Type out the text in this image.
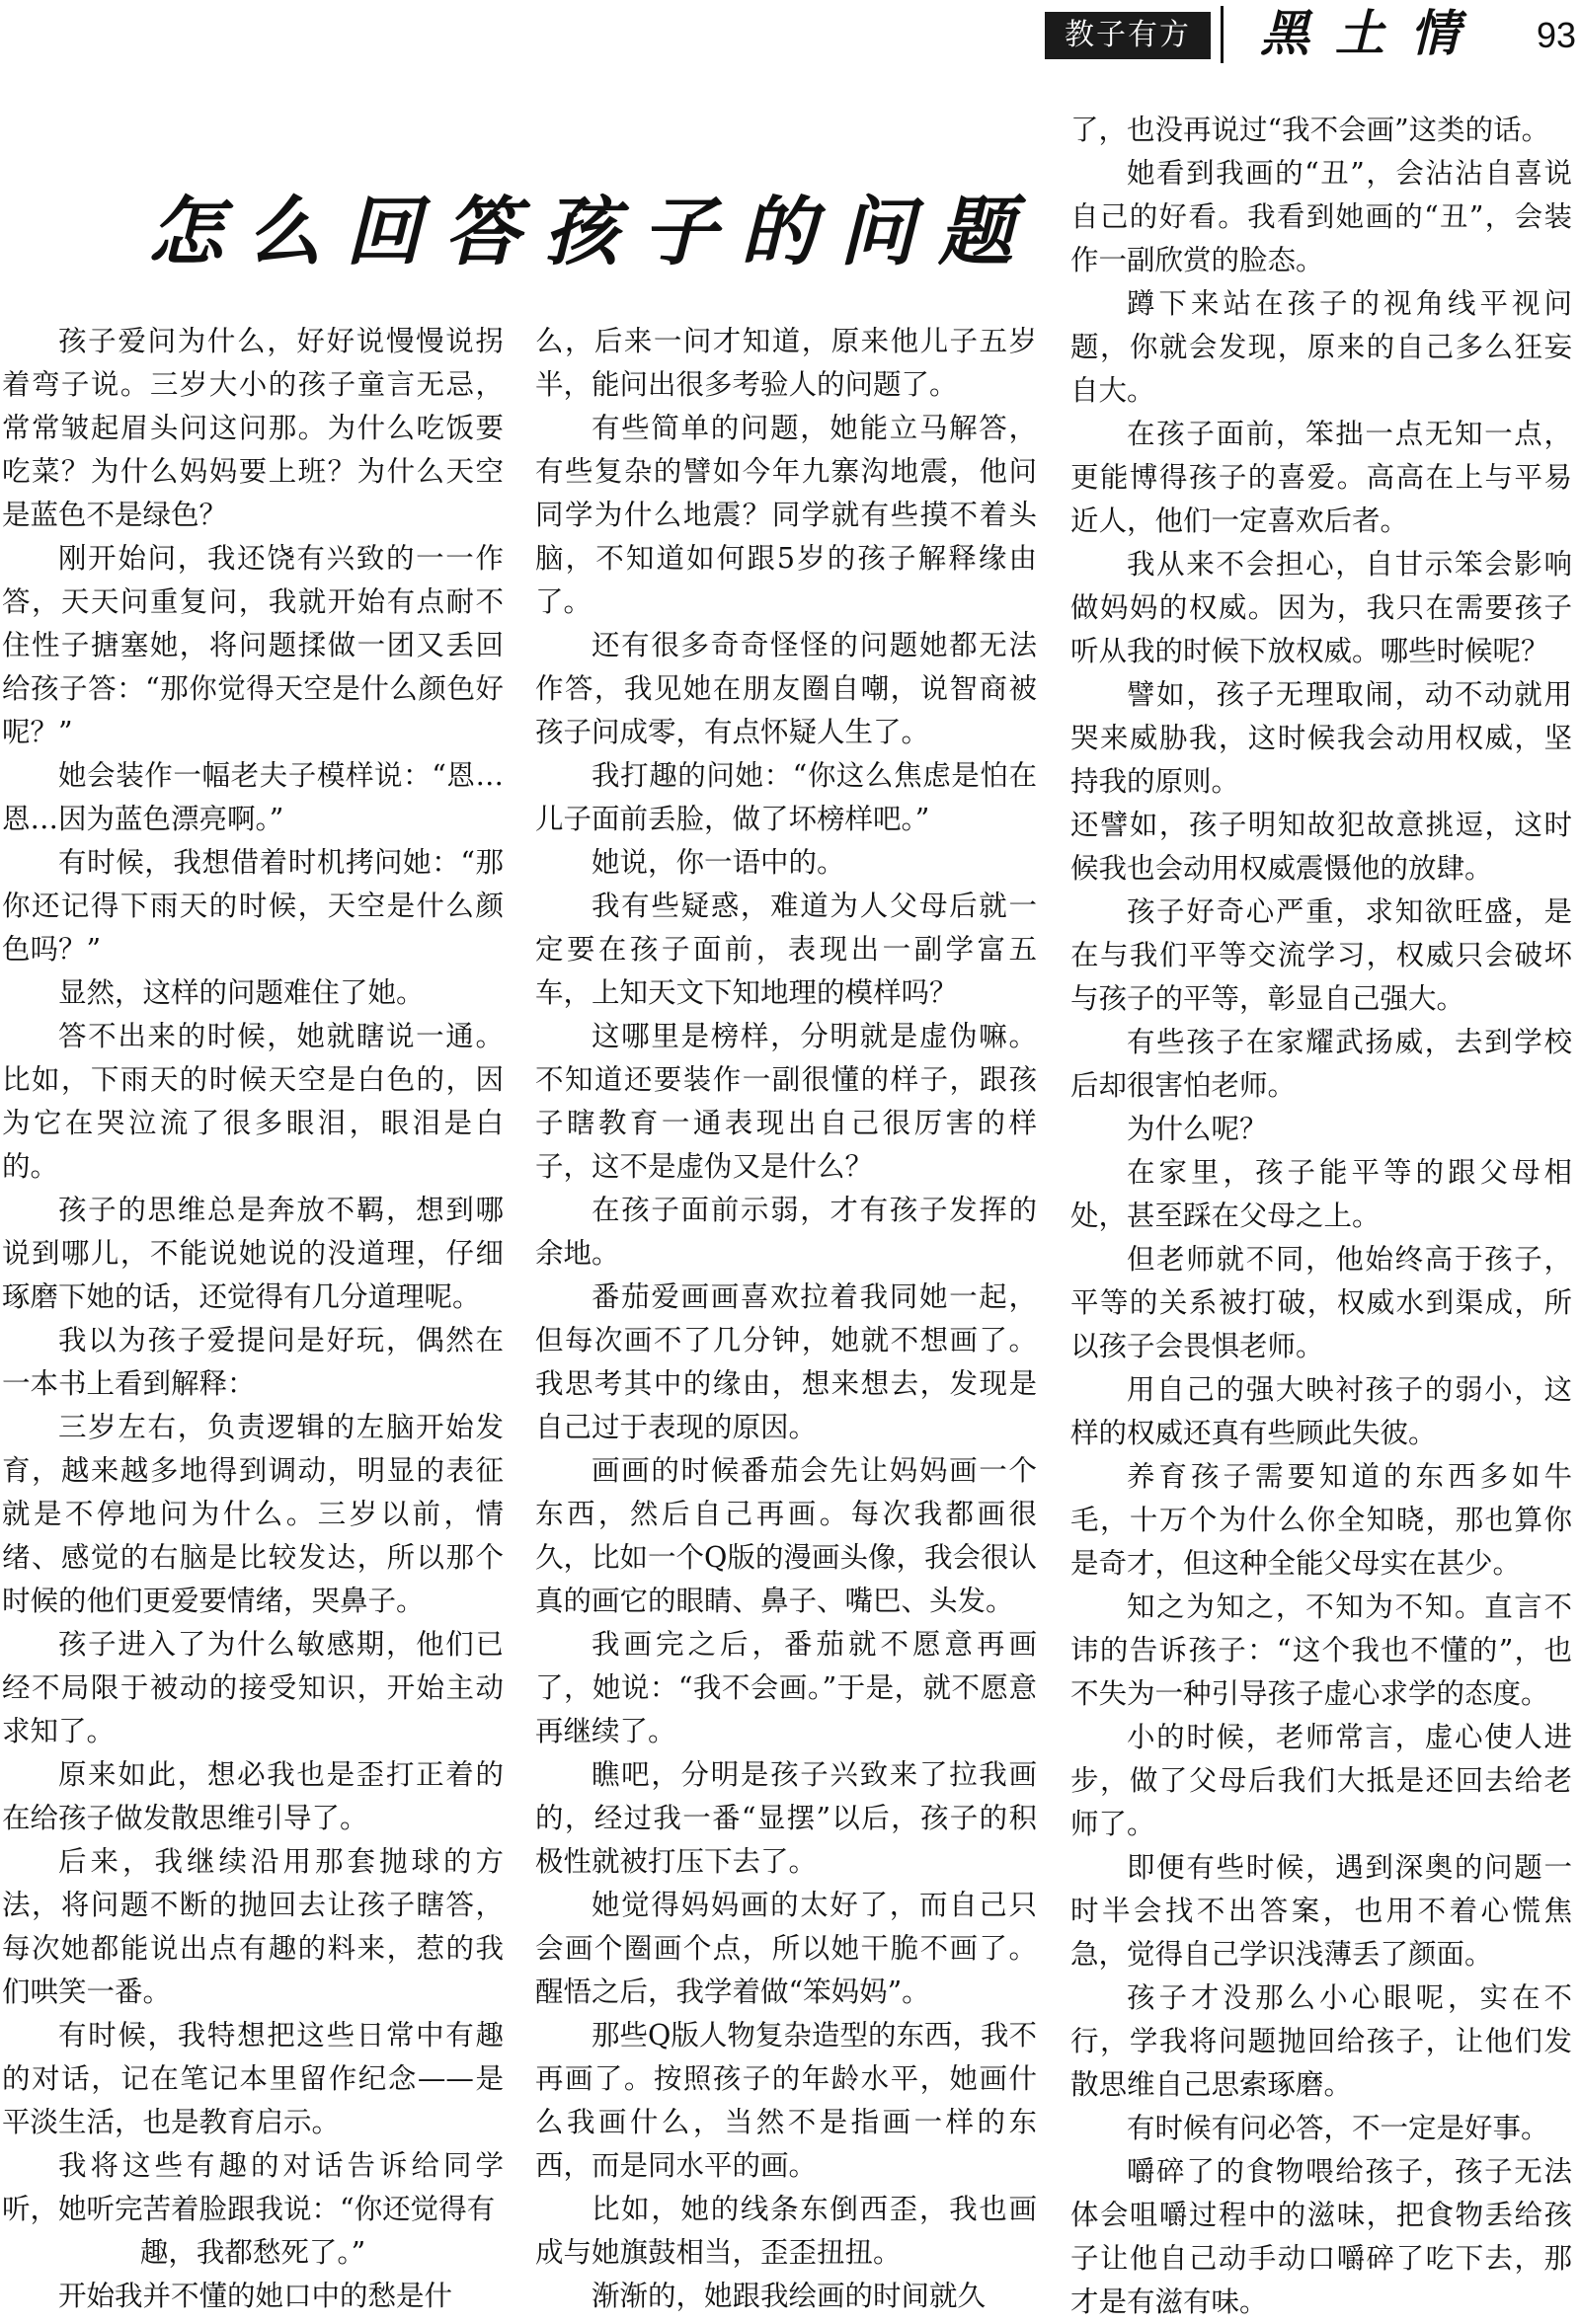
教子有方	黑土情 93
怎么回答孩子的问题

孩子爱问为什么，好好说慢慢说拐着弯子说。三岁大小的孩子童言无忌，常常皱起眉头问这问那。为什么吃饭要吃菜？为什么妈妈要上班？为什么天空是蓝色不是绿色？

刚开始问，我还饶有兴致的一一作答，天天问重复问，我就开始有点耐不住性子搪塞她，将问题揉做一团又丢回给孩子答：“那你觉得天空是什么颜色好呢？”

她会装作一幅老夫子模样说：“恩…恩…因为蓝色漂亮啊。”

有时候，我想借着时机拷问她：“那你还记得下雨天的时候，天空是什么颜色吗？”

显然，这样的问题难住了她。

答不出来的时候，她就瞎说一通。比如，下雨天的时候天空是白色的，因为它在哭泣流了很多眼泪，眼泪是白的。

孩子的思维总是奔放不羁，想到哪说到哪儿，不能说她说的没道理，仔细琢磨下她的话，还觉得有几分道理呢。

我以为孩子爱提问是好玩，偶然在一本书上看到解释：

三岁左右，负责逻辑的左脑开始发育，越来越多地得到调动，明显的表征就是不停地问为什么。三岁以前，情绪、感觉的右脑是比较发达，所以那个时候的他们更爱要情绪，哭鼻子。

孩子进入了为什么敏感期，他们已经不局限于被动的接受知识，开始主动求知了。

原来如此，想必我也是歪打正着的在给孩子做发散思维引导了。

后来，我继续沿用那套抛球的方法，将问题不断的抛回去让孩子瞎答，每次她都能说出点有趣的料来，惹的我们哄笑一番。

有时候，我特想把这些日常中有趣的对话，记在笔记本里留作纪念——是平淡生活，也是教育启示。

我将这些有趣的对话告诉给同学听，她听完苦着脸跟我说：“你还觉得有

趣，我都愁死了。”

开始我并不懂的她口中的愁是什

么，后来一问才知道，原来他儿子五岁半，能问出很多考验人的问题了。

有些简单的问题，她能立马解答，有些复杂的譬如今年九寨沟地震，他问同学为什么地震？同学就有些摸不着头脑，不知道如何跟5岁的孩子解释缘由了。

还有很多奇奇怪怪的问题她都无法作答，我见她在朋友圈自嘲，说智商被孩子问成零，有点怀疑人生了。

我打趣的问她：“你这么焦虑是怕在儿子面前丢脸，做了坏榜样吧。”

她说，你一语中的。

我有些疑惑，难道为人父母后就一定要在孩子面前，表现出一副学富五车，上知天文下知地理的模样吗？

这哪里是榜样，分明就是虚伪嘛。不知道还要装作一副很懂的样子，跟孩子瞎教育一通表现出自己很厉害的样子，这不是虚伪又是什么？

在孩子面前示弱，才有孩子发挥的余地。

番茄爱画画喜欢拉着我同她一起，但每次画不了几分钟，她就不想画了。我思考其中的缘由，想来想去，发现是自己过于表现的原因。

画画的时候番茄会先让妈妈画一个东西，然后自己再画。每次我都画很久，比如一个Q版的漫画头像，我会很认真的画它的眼睛、鼻子、嘴巴、头发。

我画完之后，番茄就不愿意再画了，她说：“我不会画。”于是，就不愿意再继续了。

瞧吧，分明是孩子兴致来了拉我画的，经过我一番“显摆”以后，孩子的积极性就被打压下去了。

她觉得妈妈画的太好了，而自己只会画个圈画个点，所以她干脆不画了。醒悟之后，我学着做“笨妈妈”。

那些Q版人物复杂造型的东西，我不再画了。按照孩子的年龄水平，她画什么我画什么，当然不是指画一样的东西，而是同水平的画。

比如，她的线条东倒西歪，我也画成与她旗鼓相当，歪歪扭扭。

渐渐的，她跟我绘画的时间就久

了，也没再说过“我不会画”这类的话。

她看到我画的“丑”，会沾沾自喜说自己的好看。我看到她画的“丑”，会装作一副欣赏的脸态。

蹲下来站在孩子的视角线平视问题，你就会发现，原来的自己多么狂妄自大。

在孩子面前，笨拙一点无知一点，更能博得孩子的喜爱。高高在上与平易近人，他们一定喜欢后者。

我从来不会担心，自甘示笨会影响做妈妈的权威。因为，我只在需要孩子听从我的时候下放权威。哪些时候呢？

譬如，孩子无理取闹，动不动就用哭来威胁我，这时候我会动用权威，坚持我的原则。

还譬如，孩子明知故犯故意挑逗，这时候我也会动用权威震慑他的放肆。

孩子好奇心严重，求知欲旺盛，是在与我们平等交流学习，权威只会破坏与孩子的平等，彰显自己强大。

有些孩子在家耀武扬威，去到学校后却很害怕老师。

为什么呢？

在家里，孩子能平等的跟父母相处，甚至踩在父母之上。

但老师就不同，他始终高于孩子，平等的关系被打破，权威水到渠成，所以孩子会畏惧老师。

用自己的强大映衬孩子的弱小，这样的权威还真有些顾此失彼。

养育孩子需要知道的东西多如牛毛，十万个为什么你全知晓，那也算你是奇才，但这种全能父母实在甚少。

知之为知之，不知为不知。直言不讳的告诉孩子：“这个我也不懂的”，也不失为一种引导孩子虚心求学的态度。

小的时候，老师常言，虚心使人进步，做了父母后我们大抵是还回去给老师了。

即便有些时候，遇到深奥的问题一时半会找不出答案，也用不着心慌焦急，觉得自己学识浅薄丢了颜面。

孩子才没那么小心眼呢，实在不行，学我将问题抛回给孩子，让他们发散思维自己思索琢磨。

有时候有问必答，不一定是好事。

嚼碎了的食物喂给孩子，孩子无法体会咀嚼过程中的滋味，把食物丢给孩子让他自己动手动口嚼碎了吃下去，那才是有滋有味。
